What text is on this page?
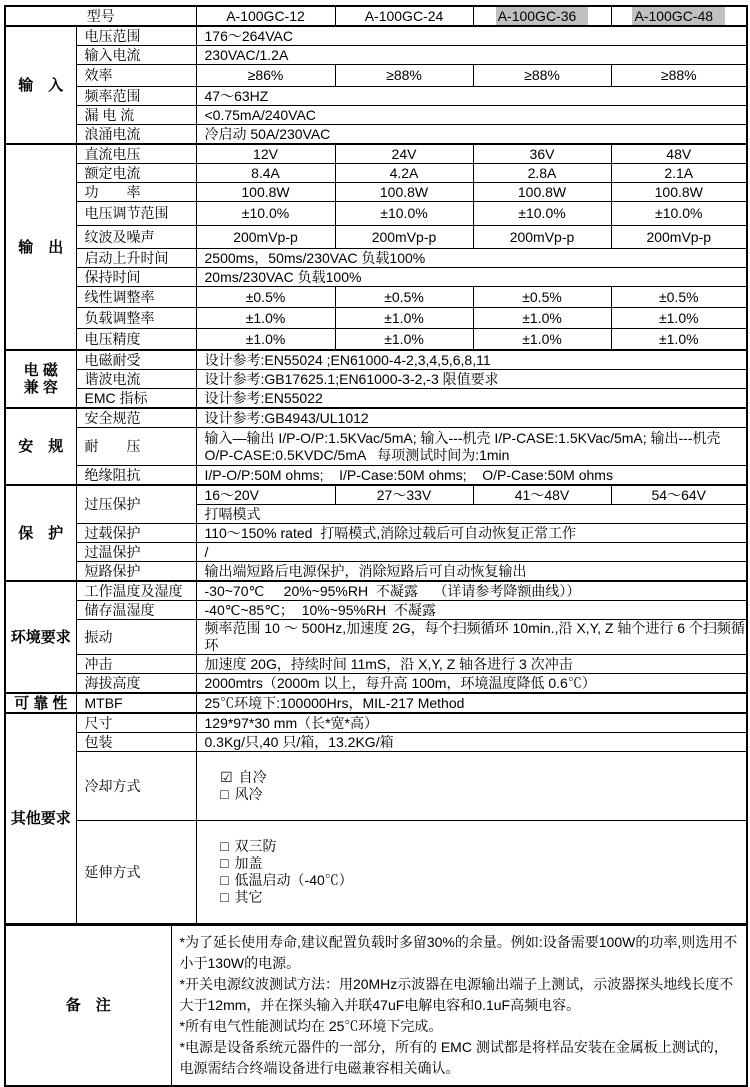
型号		A-100GC-12	A-100GC-24	A-100GC-36	A-100GC-48
输　入	电压范围	176～264VAC			
	输入电流	230VAC/1.2A			
	效率	≥86%	≥88%	≥88%	≥88%
	频率范围	47～63HZ			
	漏 电 流	<0.75mA/240VAC			
	浪涌电流	冷启动 50A/230VAC			
输　出	直流电压	12V	24V	36V	48V
	额定电流	8.4A	4.2A	2.8A	2.1A
	功　　率	100.8W	100.8W	100.8W	100.8W
	电压调节范围	±10.0%	±10.0%	±10.0%	±10.0%
	纹波及噪声	200mVp-p	200mVp-p	200mVp-p	200mVp-p
	启动上升时间	2500ms，50ms/230VAC 负载100%			
	保持时间	20ms/230VAC 负载100%			
	线性调整率	±0.5%	±0.5%	±0.5%	±0.5%
	负载调整率	±1.0%	±1.0%	±1.0%	±1.0%
	电压精度	±1.0%	±1.0%	±1.0%	±1.0%

电 磁
兼 容	电磁耐受	设计参考:EN55024 ;EN61000-4-2,3,4,5,6,8,11			
	谐波电流	设计参考:GB17625.1;EN61000-3-2,-3 限值要求			
	EMC 指标	设计参考:EN55022			
安　规	安全规范	设计参考:GB4943/UL1012			
	耐　　压	输入—输出 I/P-O/P:1.5KVac/5mA; 输入---机壳 I/P-CASE:1.5KVac/5mA; 输出---机壳 O/P-CASE:0.5KVDC/5mA   每项测试时间为:1min			
	绝缘阻抗	I/P-O/P:50M ohms;    I/P-Case:50M ohms;    O/P-Case:50M ohms			
保　护	过压保护	16～20V	27～33V	41～48V	54～64V
		打嗝模式			
	过载保护	110～150% rated  打嗝模式,消除过载后可自动恢复正常工作			
	过温保护	/			
	短路保护	输出端短路后电源保护，消除短路后可自动恢复输出			
环境要求	工作温度及湿度	-30~70℃     20%~95%RH  不凝露    （详请参考降额曲线））			
	储存温湿度	-40℃~85℃；  10%~95%RH  不凝露			
	振动	频率范围 10 ～ 500Hz,加速度 2G，每个扫频循环 10min.,沿 X,Y, Z 轴个进行 6 个扫频循环			
	冲击	加速度 20G，持续时间 11mS，沿 X,Y, Z 轴各进行 3 次冲击			
	海拔高度	2000mtrs（2000m 以上，每升高 100m，环境温度降低 0.6℃）			
可 靠 性	MTBF	25℃环境下:100000Hrs，MIL-217 Method			
其他要求	尺寸	129*97*30 mm（长*宽*高）			
	包装	0.3Kg/只,40 只/箱，13.2KG/箱			
	冷却方式	☑ 自冷
□ 风冷			

	延伸方式	□ 双三防
□ 加盖
□ 低温启动（-40℃）
□ 其它			

备　注	
*为了延长使用寿命,建议配置负载时多留30%的余量。例如:设备需要100W的功率,则选用不小于130W的电源。
*开关电源纹波测试方法：用20MHz示波器在电源输出端子上测试，示波器探头地线长度不大于12mm，并在探头输入并联47uF电解电容和0.1uF高频电容。
*所有电气性能测试均在 25℃环境下完成。
*电源是设备系统元器件的一部分，所有的 EMC 测试都是将样品安装在金属板上测试的，电源需结合终端设备进行电磁兼容相关确认。
